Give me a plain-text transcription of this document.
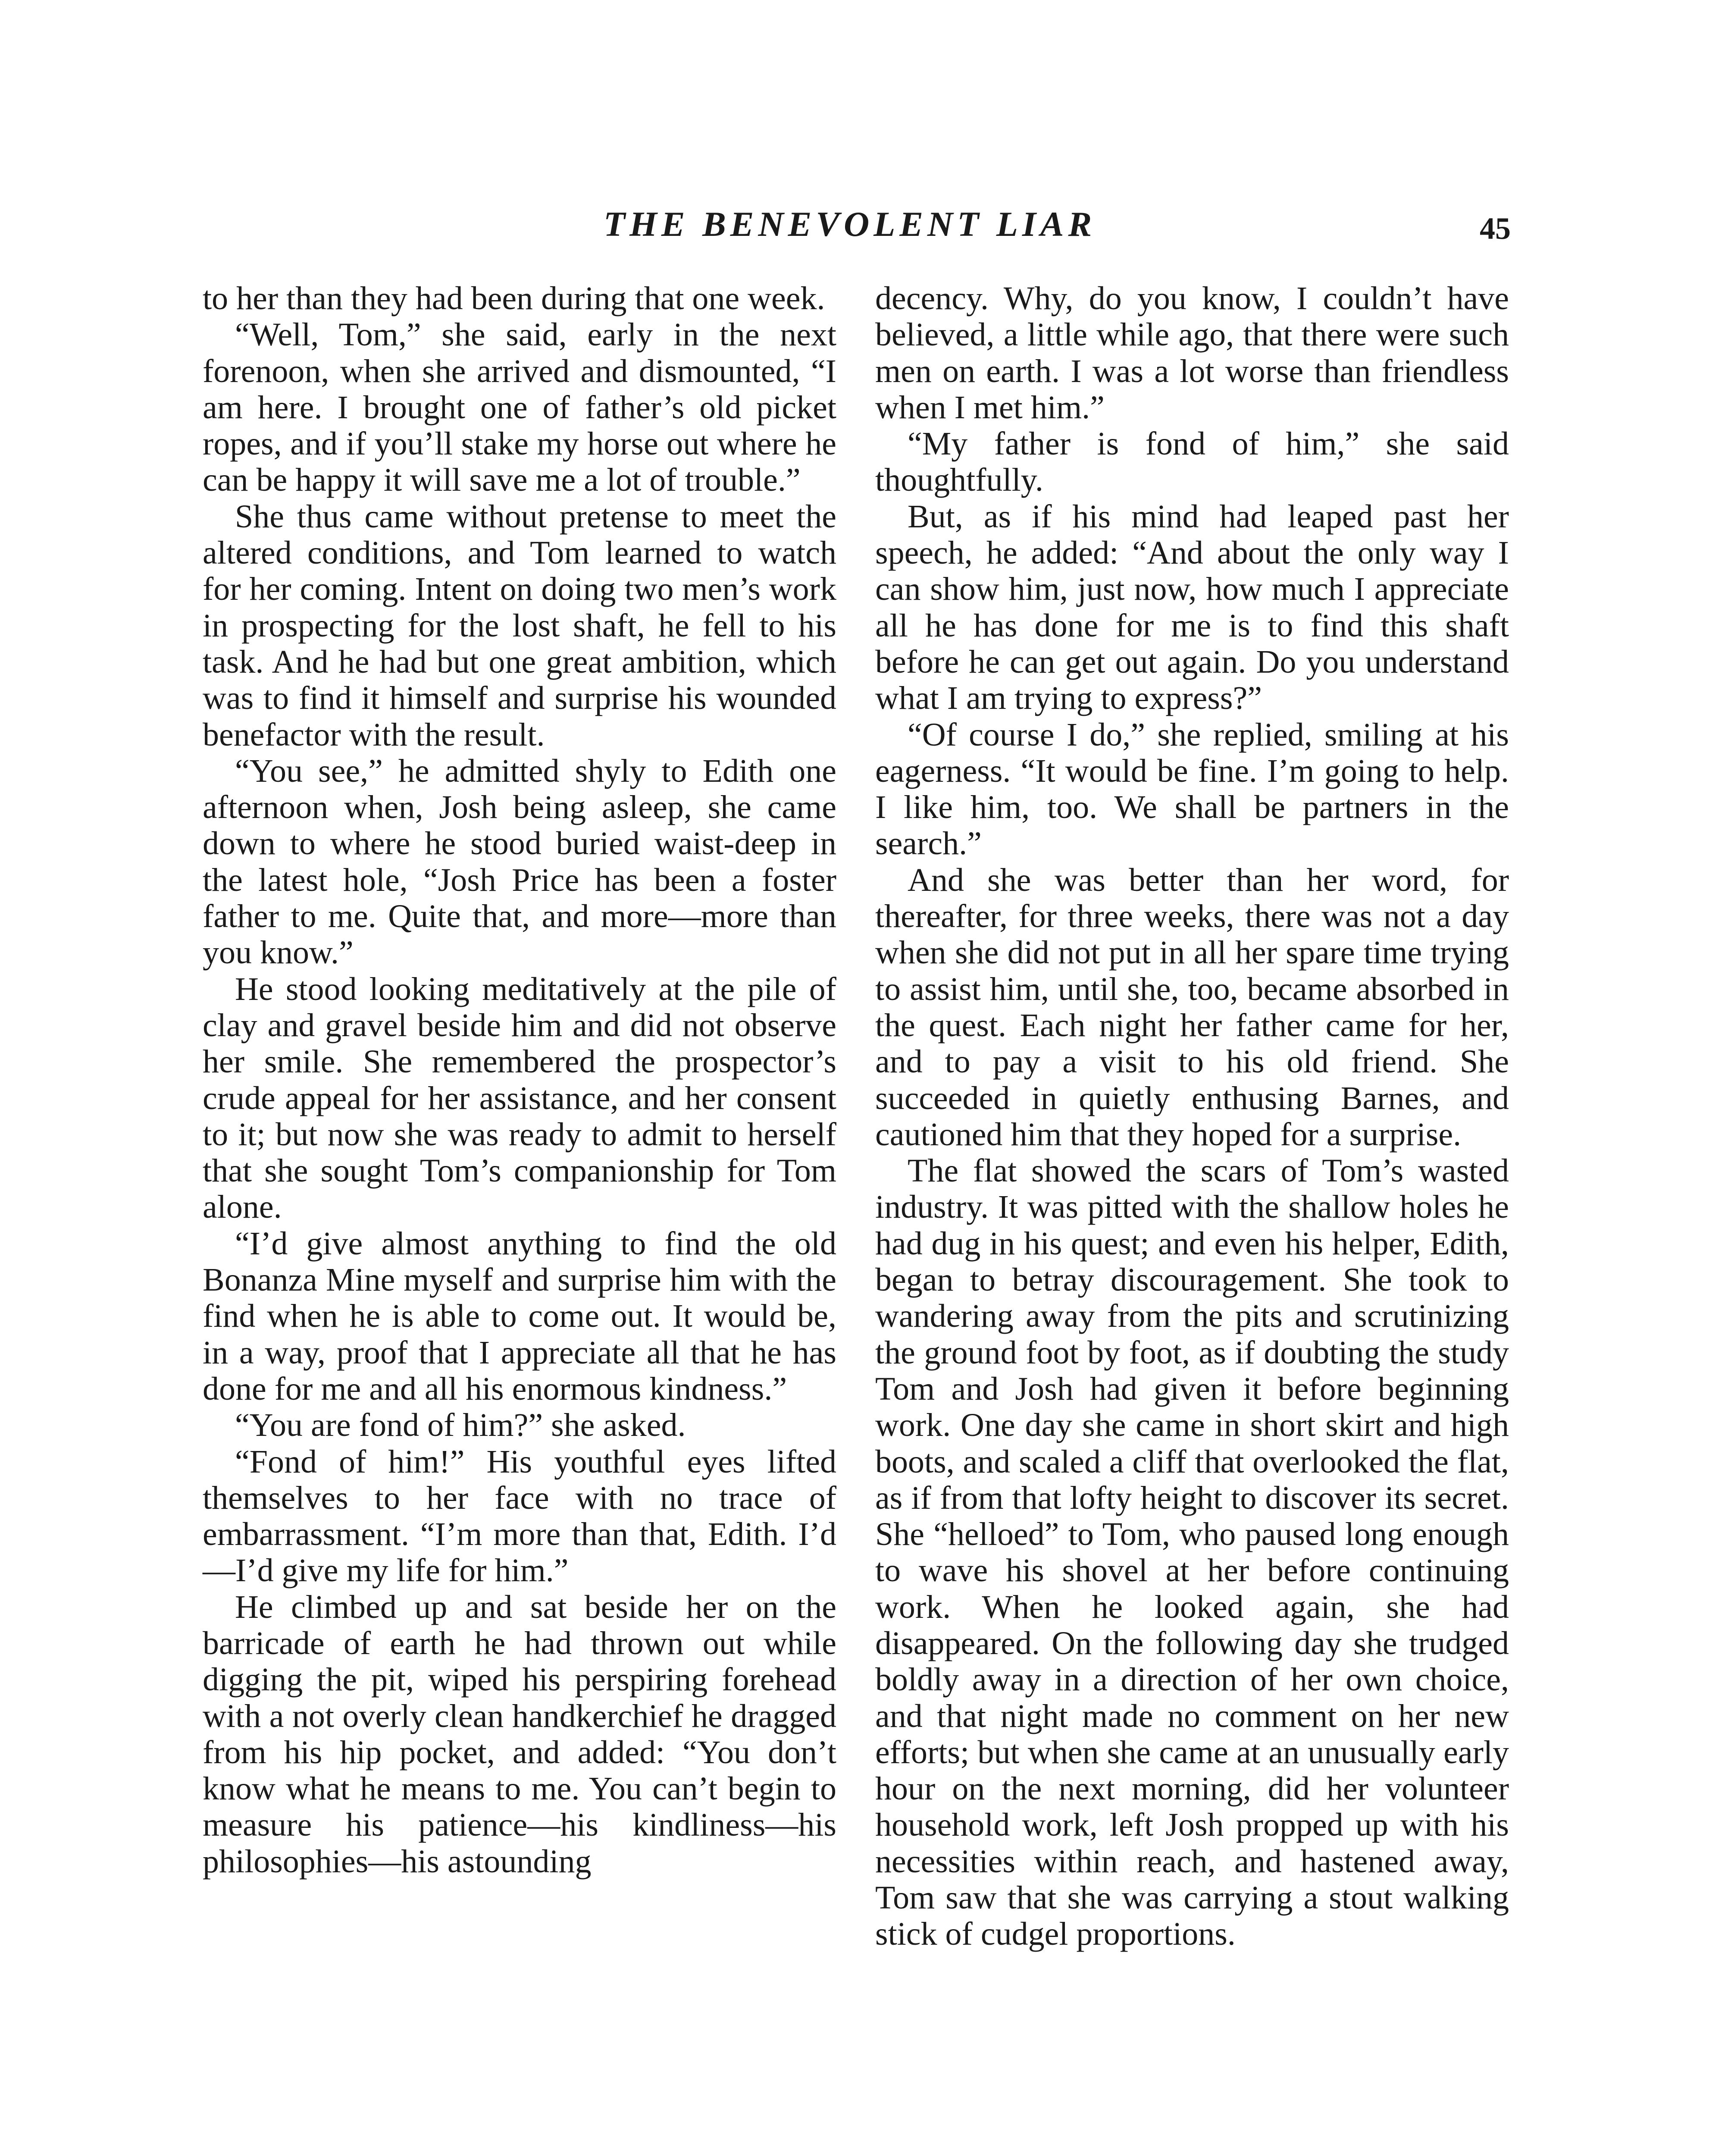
THE BENEVOLENT LIAR	45

to her than they had been during that one week.

“Well, Tom,” she said, early in the next forenoon, when she arrived and dismounted, “I am here. I brought one of father’s old picket ropes, and if you’ll stake my horse out where he can be happy it will save me a lot of trouble.”

She thus came without pretense to meet the altered conditions, and Tom learned to watch for her coming. Intent on doing two men’s work in prospecting for the lost shaft, he fell to his task. And he had but one great ambition, which was to find it himself and surprise his wounded benefactor with the result.

“You see,” he admitted shyly to Edith one afternoon when, Josh being asleep, she came down to where he stood buried waist-deep in the latest hole, “Josh Price has been a foster father to me. Quite that, and more—more than you know.”

He stood looking meditatively at the pile of clay and gravel beside him and did not observe her smile. She remembered the prospector’s crude appeal for her assistance, and her consent to it; but now she was ready to admit to herself that she sought Tom’s companionship for Tom alone.

“I’d give almost anything to find the old Bonanza Mine myself and surprise him with the find when he is able to come out. It would be, in a way, proof that I appreciate all that he has done for me and all his enormous kindness.”

“You are fond of him?” she asked.

“Fond of him!” His youthful eyes lifted themselves to her face with no trace of embarrassment. “I’m more than that, Edith. I’d—I’d give my life for him.”

He climbed up and sat beside her on the barricade of earth he had thrown out while digging the pit, wiped his perspiring forehead with a not overly clean handkerchief he dragged from his hip pocket, and added: “You don’t know what he means to me. You can’t begin to measure his patience—his kindliness—his philosophies—his astounding

decency. Why, do you know, I couldn’t have believed, a little while ago, that there were such men on earth. I was a lot worse than friendless when I met him.”

“My father is fond of him,” she said thoughtfully.

But, as if his mind had leaped past her speech, he added: “And about the only way I can show him, just now, how much I appreciate all he has done for me is to find this shaft before he can get out again. Do you understand what I am trying to express?”

“Of course I do,” she replied, smiling at his eagerness. “It would be fine. I’m going to help. I like him, too. We shall be partners in the search.”

And she was better than her word, for thereafter, for three weeks, there was not a day when she did not put in all her spare time trying to assist him, until she, too, became absorbed in the quest. Each night her father came for her, and to pay a visit to his old friend. She succeeded in quietly enthusing Barnes, and cautioned him that they hoped for a surprise.

The flat showed the scars of Tom’s wasted industry. It was pitted with the shallow holes he had dug in his quest; and even his helper, Edith, began to betray discouragement. She took to wandering away from the pits and scrutinizing the ground foot by foot, as if doubting the study Tom and Josh had given it before beginning work. One day she came in short skirt and high boots, and scaled a cliff that overlooked the flat, as if from that lofty height to discover its secret. She “helloed” to Tom, who paused long enough to wave his shovel at her before continuing work. When he looked again, she had disappeared. On the following day she trudged boldly away in a direction of her own choice, and that night made no comment on her new efforts; but when she came at an unusually early hour on the next morning, did her volunteer household work, left Josh propped up with his necessities within reach, and hastened away, Tom saw that she was carrying a stout walking stick of cudgel proportions.
